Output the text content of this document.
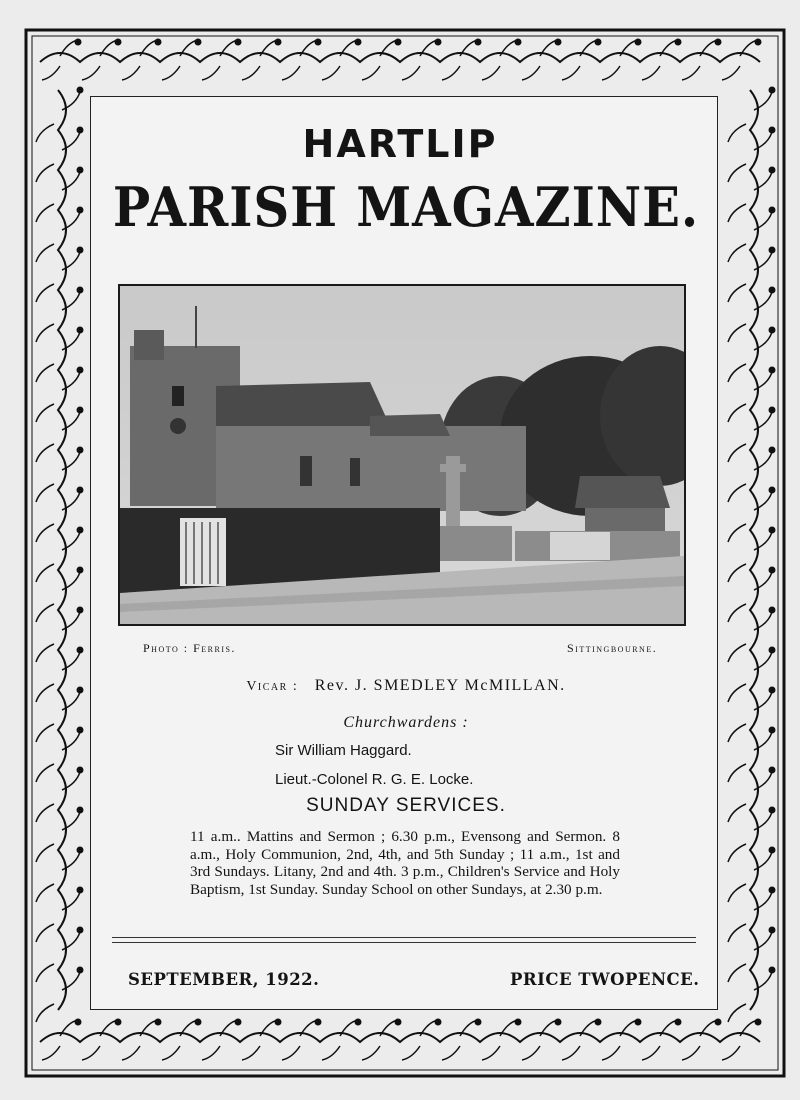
HARTLIP
PARISH MAGAZINE.
Photo : Ferris.	Sittingbourne.
Vicar : Rev. J. SMEDLEY McMILLAN.
Churchwardens :
Sir William Haggard.
Lieut.-Colonel R. G. E. Locke.
SUNDAY SERVICES.
11 a.m.. Mattins and Sermon ; 6.30 p.m., Evensong and Sermon. 8 a.m., Holy Communion, 2nd, 4th, and 5th Sunday ; 11 a.m., 1st and 3rd Sundays. Litany, 2nd and 4th. 3 p.m., Children's Service and Holy Baptism, 1st Sunday. Sunday School on other Sundays, at 2.30 p.m.
SEPTEMBER, 1922.	PRICE TWOPENCE.
